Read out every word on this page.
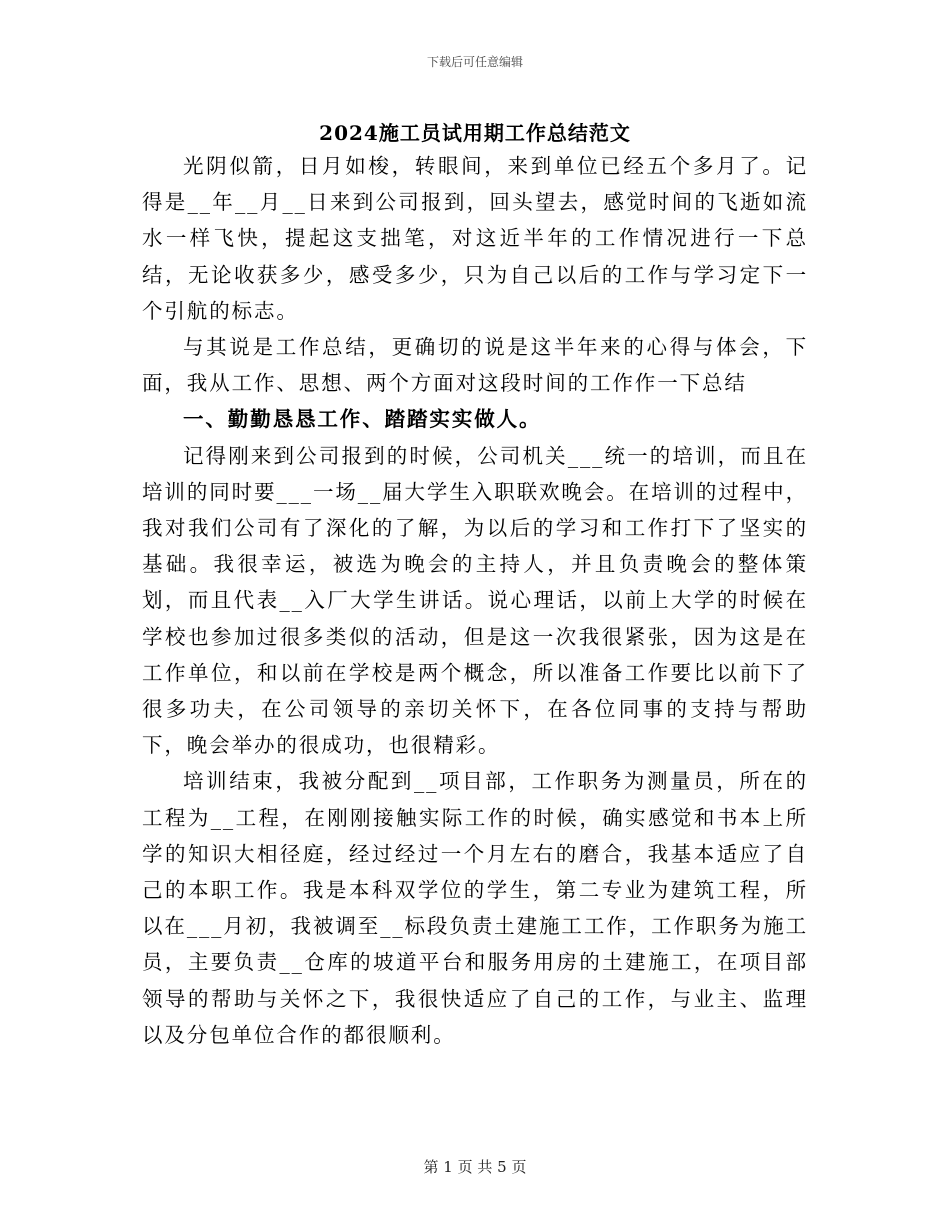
下载后可任意编辑
2024施工员试用期工作总结范文

光阴似箭，日月如梭，转眼间，来到单位已经五个多月了。记得是__年__月__日来到公司报到，回头望去，感觉时间的飞逝如流水一样飞快，提起这支拙笔，对这近半年的工作情况进行一下总结，无论收获多少，感受多少，只为自己以后的工作与学习定下一个引航的标志。

与其说是工作总结，更确切的说是这半年来的心得与体会，下面，我从工作、思想、两个方面对这段时间的工作作一下总结

一、勤勤恳恳工作、踏踏实实做人。

记得刚来到公司报到的时候，公司机关___统一的培训，而且在培训的同时要___一场__届大学生入职联欢晚会。在培训的过程中，我对我们公司有了深化的了解，为以后的学习和工作打下了坚实的基础。我很幸运，被选为晚会的主持人，并且负责晚会的整体策划，而且代表__入厂大学生讲话。说心理话，以前上大学的时候在学校也参加过很多类似的活动，但是这一次我很紧张，因为这是在工作单位，和以前在学校是两个概念，所以准备工作要比以前下了很多功夫，在公司领导的亲切关怀下，在各位同事的支持与帮助下，晚会举办的很成功，也很精彩。

培训结束，我被分配到__项目部，工作职务为测量员，所在的工程为__工程，在刚刚接触实际工作的时候，确实感觉和书本上所学的知识大相径庭，经过经过一个月左右的磨合，我基本适应了自己的本职工作。我是本科双学位的学生，第二专业为建筑工程，所以在___月初，我被调至__标段负责土建施工工作，工作职务为施工员，主要负责__仓库的坡道平台和服务用房的土建施工，在项目部领导的帮助与关怀之下，我很快适应了自己的工作，与业主、监理以及分包单位合作的都很顺利。

第 1 页 共 5 页
